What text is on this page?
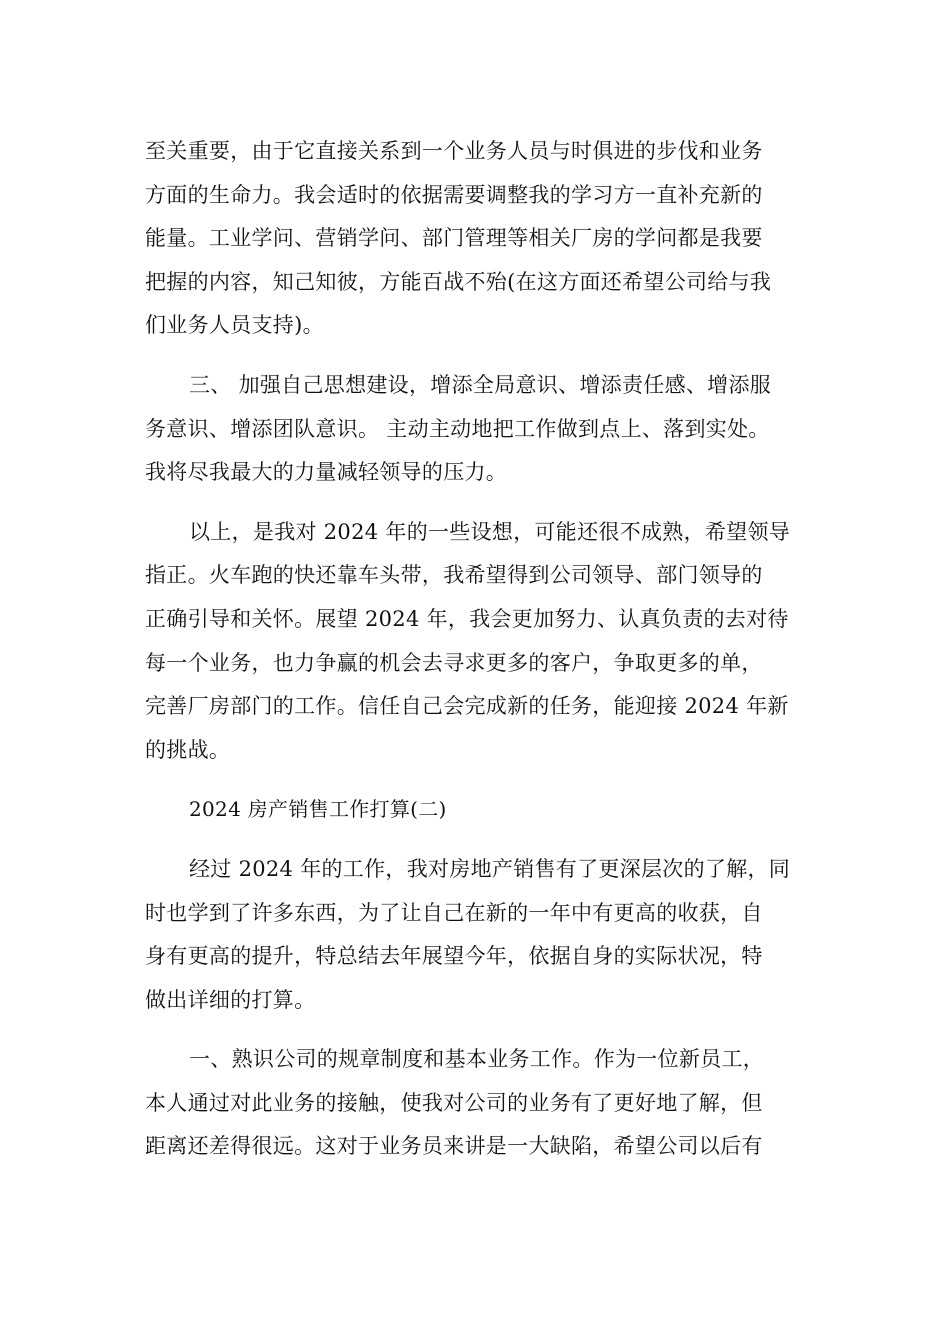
至关重要，由于它直接关系到一个业务人员与时俱进的步伐和业务
方面的生命力。我会适时的依据需要调整我的学习方一直补充新的
能量。工业学问、营销学问、部门管理等相关厂房的学问都是我要
把握的内容，知己知彼，方能百战不殆(在这方面还希望公司给与我
们业务人员支持)。
三、 加强自己思想建设，增添全局意识、增添责任感、增添服
务意识、增添团队意识。 主动主动地把工作做到点上、落到实处。
我将尽我最大的力量减轻领导的压力。
以上，是我对 2024 年的一些设想，可能还很不成熟，希望领导
指正。火车跑的快还靠车头带，我希望得到公司领导、部门领导的
正确引导和关怀。展望 2024 年，我会更加努力、认真负责的去对待
每一个业务，也力争赢的机会去寻求更多的客户，争取更多的单，
完善厂房部门的工作。信任自己会完成新的任务，能迎接 2024 年新
的挑战。
2024 房产销售工作打算(二)
经过 2024 年的工作，我对房地产销售有了更深层次的了解，同
时也学到了许多东西，为了让自己在新的一年中有更高的收获，自
身有更高的提升，特总结去年展望今年，依据自身的实际状况，特
做出详细的打算。
一、熟识公司的规章制度和基本业务工作。作为一位新员工，
本人通过对此业务的接触，使我对公司的业务有了更好地了解，但
距离还差得很远。这对于业务员来讲是一大缺陷，希望公司以后有
